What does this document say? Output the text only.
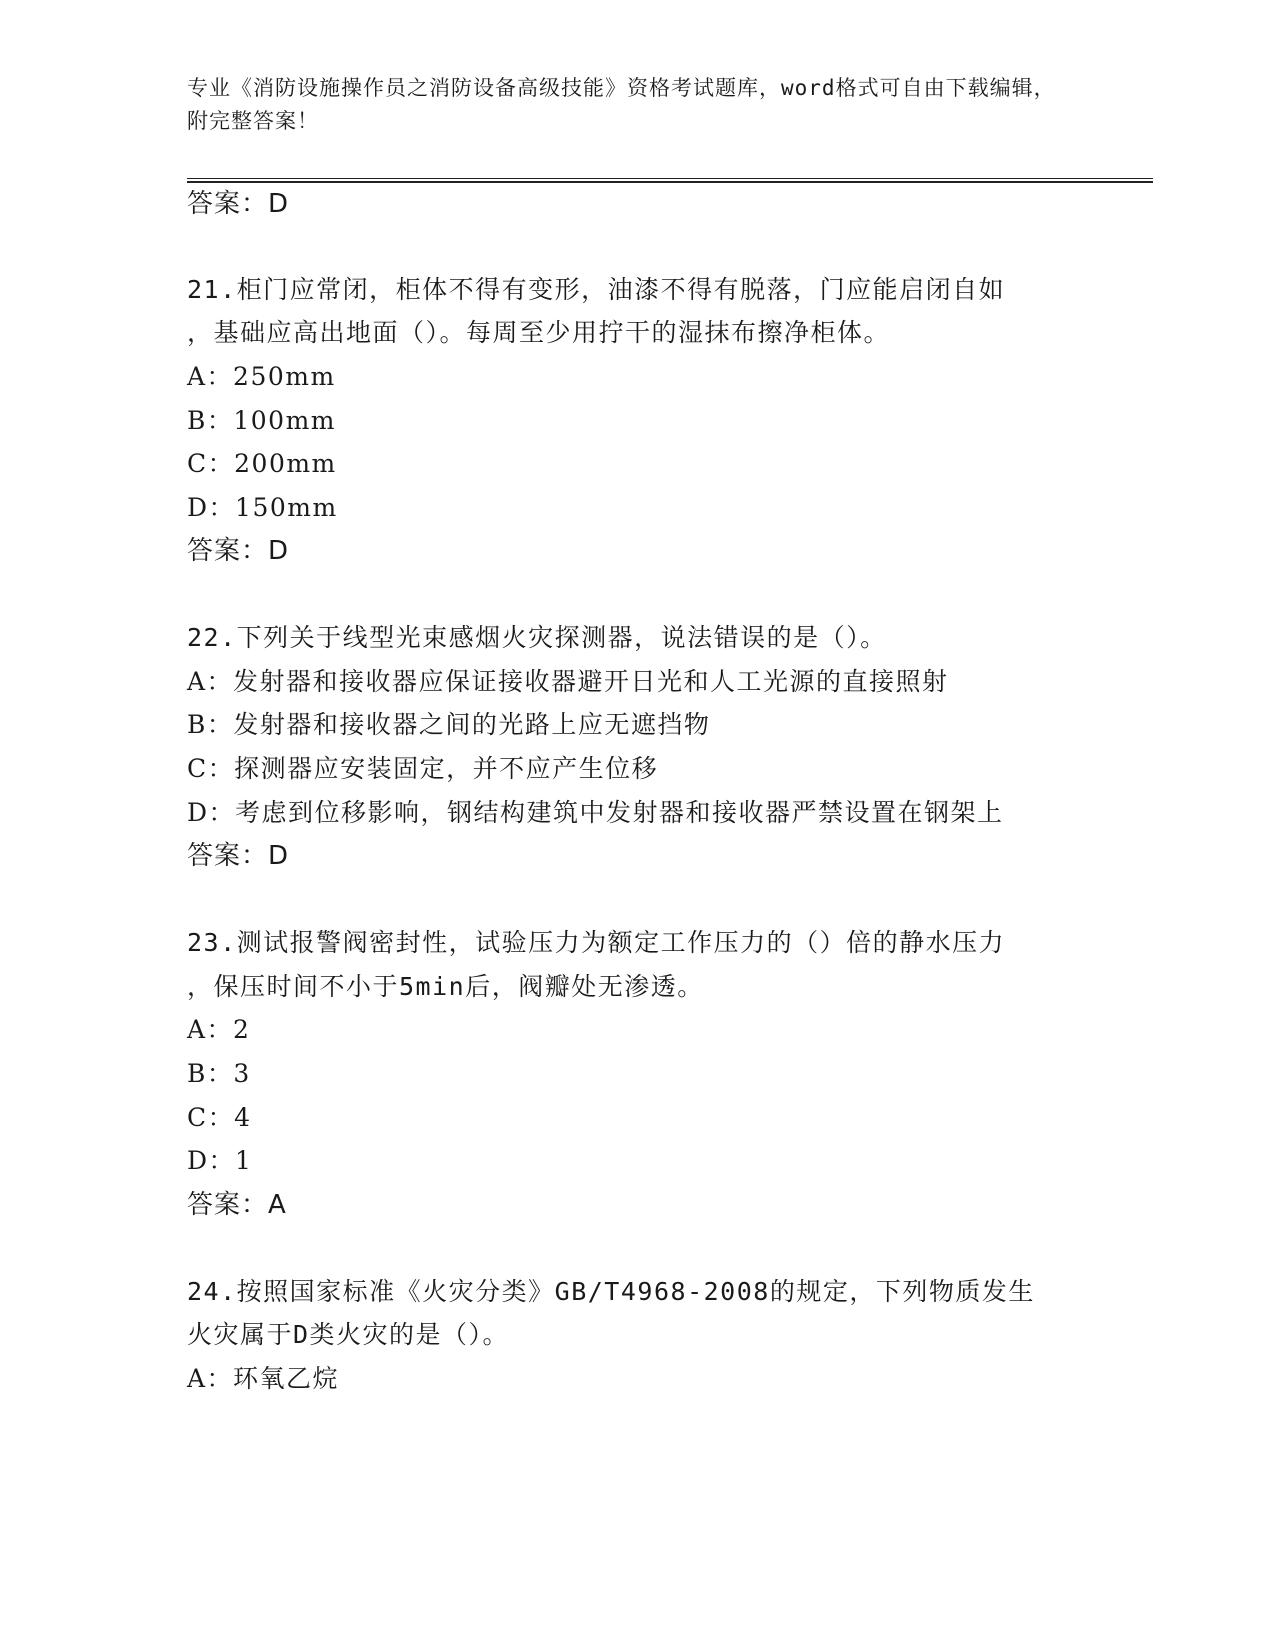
专业《消防设施操作员之消防设备高级技能》资格考试题库，word格式可自由下载编辑，附完整答案！
答案：D
21.柜门应常闭，柜体不得有变形，油漆不得有脱落，门应能启闭自如
，基础应高出地面（）。每周至少用拧干的湿抹布擦净柜体。
A：250mm
B：100mm
C：200mm
D：150mm
答案：D
22.下列关于线型光束感烟火灾探测器，说法错误的是（）。
A：发射器和接收器应保证接收器避开日光和人工光源的直接照射
B：发射器和接收器之间的光路上应无遮挡物
C：探测器应安装固定，并不应产生位移
D：考虑到位移影响，钢结构建筑中发射器和接收器严禁设置在钢架上
答案：D
23.测试报警阀密封性，试验压力为额定工作压力的（）倍的静水压力
，保压时间不小于5min后，阀瓣处无渗透。
A：2
B：3
C：4
D：1
答案：A
24.按照国家标准《火灾分类》GB/T4968-2008的规定，下列物质发生
火灾属于D类火灾的是（）。
A：环氧乙烷
